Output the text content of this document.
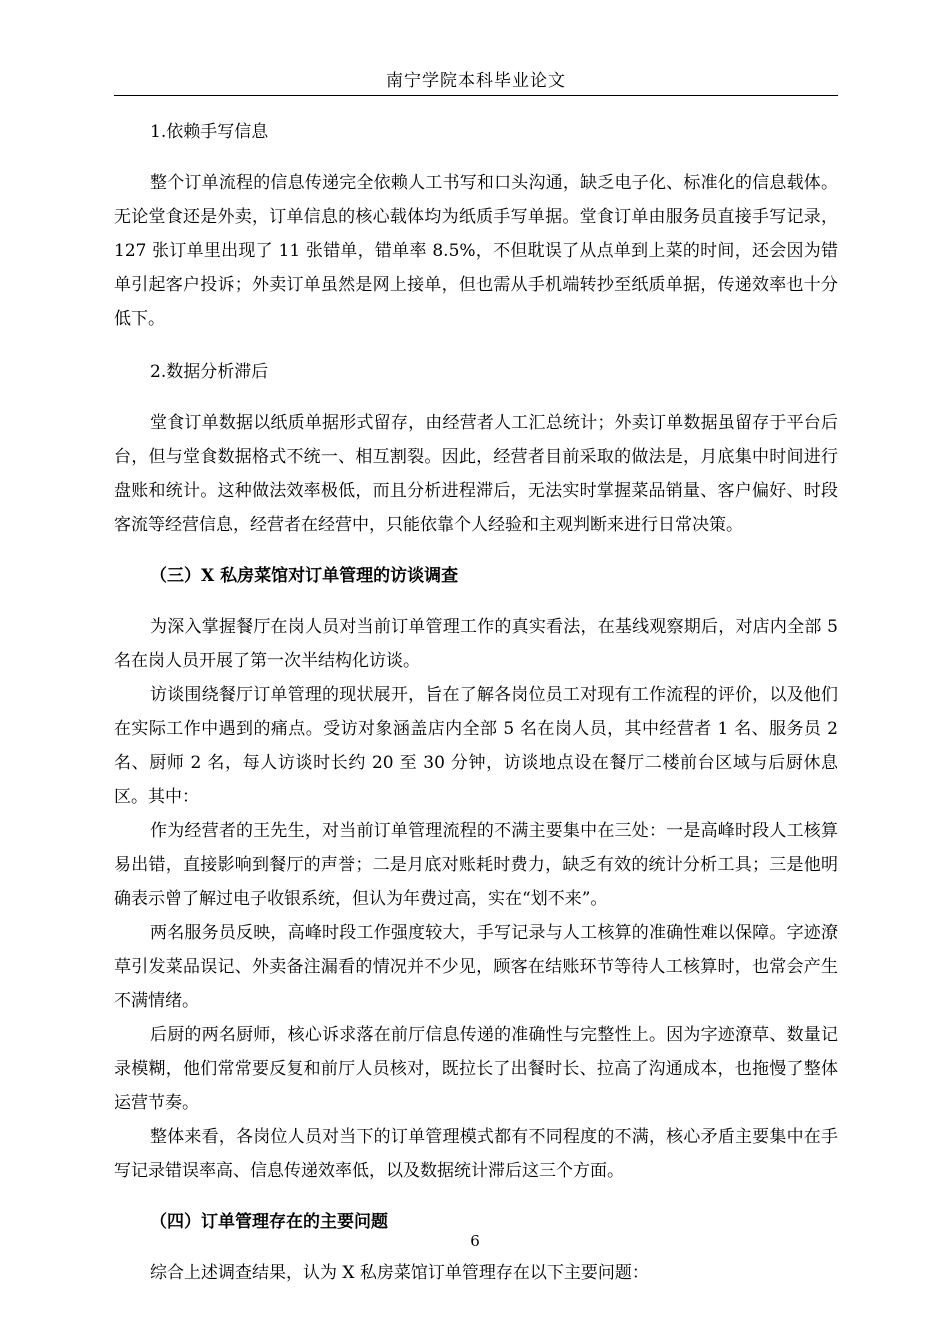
南宁学院本科毕业论文

1.依赖手写信息

整个订单流程的信息传递完全依赖人工书写和口头沟通，缺乏电子化、标准化的信息载体。无论堂食还是外卖，订单信息的核心载体均为纸质手写单据。堂食订单由服务员直接手写记录，127 张订单里出现了 11 张错单，错单率 8.5%，不但耽误了从点单到上菜的时间，还会因为错单引起客户投诉；外卖订单虽然是网上接单，但也需从手机端转抄至纸质单据，传递效率也十分低下。

2.数据分析滞后

堂食订单数据以纸质单据形式留存，由经营者人工汇总统计；外卖订单数据虽留存于平台后台，但与堂食数据格式不统一、相互割裂。因此，经营者目前采取的做法是，月底集中时间进行盘账和统计。这种做法效率极低，而且分析进程滞后，无法实时掌握菜品销量、客户偏好、时段客流等经营信息，经营者在经营中，只能依靠个人经验和主观判断来进行日常决策。

（三）X 私房菜馆对订单管理的访谈调查

为深入掌握餐厅在岗人员对当前订单管理工作的真实看法，在基线观察期后，对店内全部 5 名在岗人员开展了第一次半结构化访谈。

访谈围绕餐厅订单管理的现状展开，旨在了解各岗位员工对现有工作流程的评价，以及他们在实际工作中遇到的痛点。受访对象涵盖店内全部 5 名在岗人员，其中经营者 1 名、服务员 2 名、厨师 2 名，每人访谈时长约 20 至 30 分钟，访谈地点设在餐厅二楼前台区域与后厨休息区。其中：

作为经营者的王先生，对当前订单管理流程的不满主要集中在三处：一是高峰时段人工核算易出错，直接影响到餐厅的声誉；二是月底对账耗时费力，缺乏有效的统计分析工具；三是他明确表示曾了解过电子收银系统，但认为年费过高，实在“划不来”。

两名服务员反映，高峰时段工作强度较大，手写记录与人工核算的准确性难以保障。字迹潦草引发菜品误记、外卖备注漏看的情况并不少见，顾客在结账环节等待人工核算时，也常会产生不满情绪。

后厨的两名厨师，核心诉求落在前厅信息传递的准确性与完整性上。因为字迹潦草、数量记录模糊，他们常常要反复和前厅人员核对，既拉长了出餐时长、拉高了沟通成本，也拖慢了整体运营节奏。

整体来看，各岗位人员对当下的订单管理模式都有不同程度的不满，核心矛盾主要集中在手写记录错误率高、信息传递效率低，以及数据统计滞后这三个方面。

（四）订单管理存在的主要问题

综合上述调查结果，认为 X 私房菜馆订单管理存在以下主要问题：

6
